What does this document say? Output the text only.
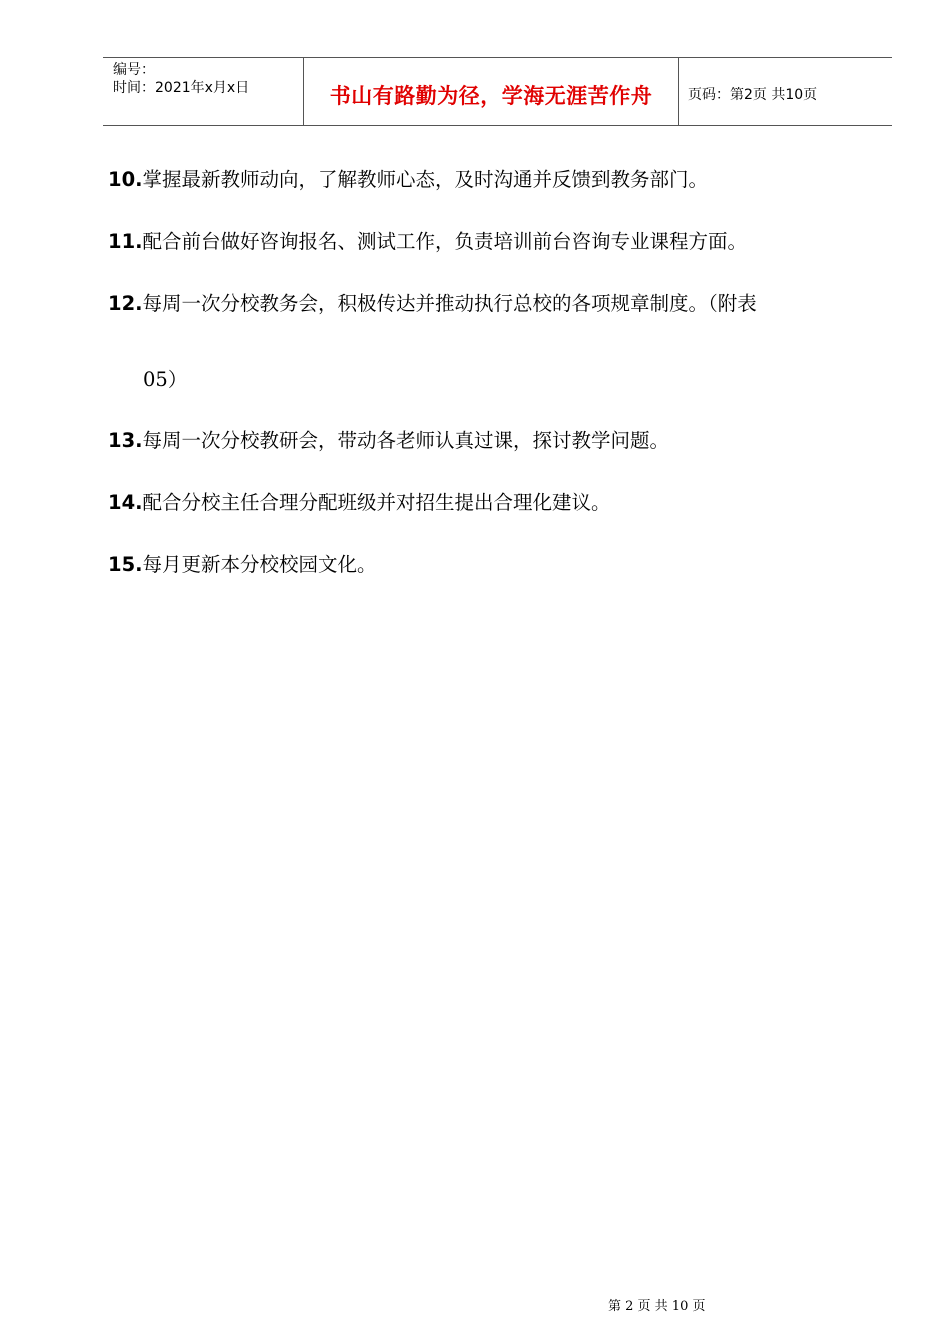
编号：
时间：2021年x月x日	书山有路勤为径，学海无涯苦作舟	页码：第2页 共10页
10.掌握最新教师动向，了解教师心态，及时沟通并反馈到教务部门。
11.配合前台做好咨询报名、测试工作，负责培训前台咨询专业课程方面。
12.每周一次分校教务会，积极传达并推动执行总校的各项规章制度。（附表
05）
13.每周一次分校教研会，带动各老师认真过课，探讨教学问题。
14.配合分校主任合理分配班级并对招生提出合理化建议。
15.每月更新本分校校园文化。
第 2 页 共 10 页
